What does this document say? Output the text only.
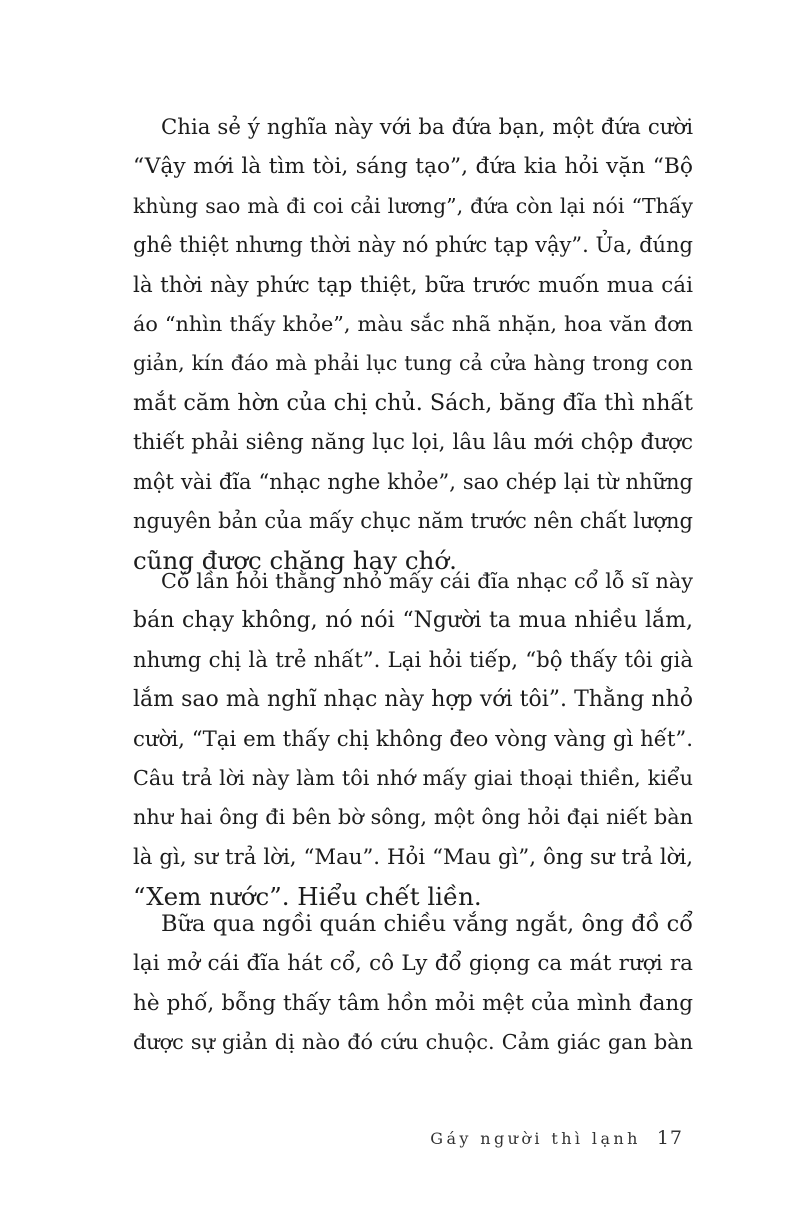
Chia sẻ ý nghĩa này với ba đứa bạn, một đứa cười
“Vậy mới là tìm tòi, sáng tạo”, đứa kia hỏi vặn “Bộ
khùng sao mà đi coi cải lương”, đứa còn lại nói “Thấy
ghê thiệt nhưng thời này nó phức tạp vậy”. Ủa, đúng
là thời này phức tạp thiệt, bữa trước muốn mua cái
áo “nhìn thấy khỏe”, màu sắc nhã nhặn, hoa văn đơn
giản, kín đáo mà phải lục tung cả cửa hàng trong con
mắt căm hờn của chị chủ. Sách, băng đĩa thì nhất
thiết phải siêng năng lục lọi, lâu lâu mới chộp được
một vài đĩa “nhạc nghe khỏe”, sao chép lại từ những
nguyên bản của mấy chục năm trước nên chất lượng
cũng được chăng hay chớ.
Có lần hỏi thằng nhỏ mấy cái đĩa nhạc cổ lỗ sĩ này
bán chạy không, nó nói “Người ta mua nhiều lắm,
nhưng chị là trẻ nhất”. Lại hỏi tiếp, “bộ thấy tôi già
lắm sao mà nghĩ nhạc này hợp với tôi”. Thằng nhỏ
cười, “Tại em thấy chị không đeo vòng vàng gì hết”.
Câu trả lời này làm tôi nhớ mấy giai thoại thiền, kiểu
như hai ông đi bên bờ sông, một ông hỏi đại niết bàn
là gì, sư trả lời, “Mau”. Hỏi “Mau gì”, ông sư trả lời,
“Xem nước”. Hiểu chết liền.
Bữa qua ngồi quán chiều vắng ngắt, ông đồ cổ
lại mở cái đĩa hát cổ, cô Ly đổ giọng ca mát rượi ra
hè phố, bỗng thấy tâm hồn mỏi mệt của mình đang
được sự giản dị nào đó cứu chuộc. Cảm giác gan bàn
Gáy người thì lạnh 17
